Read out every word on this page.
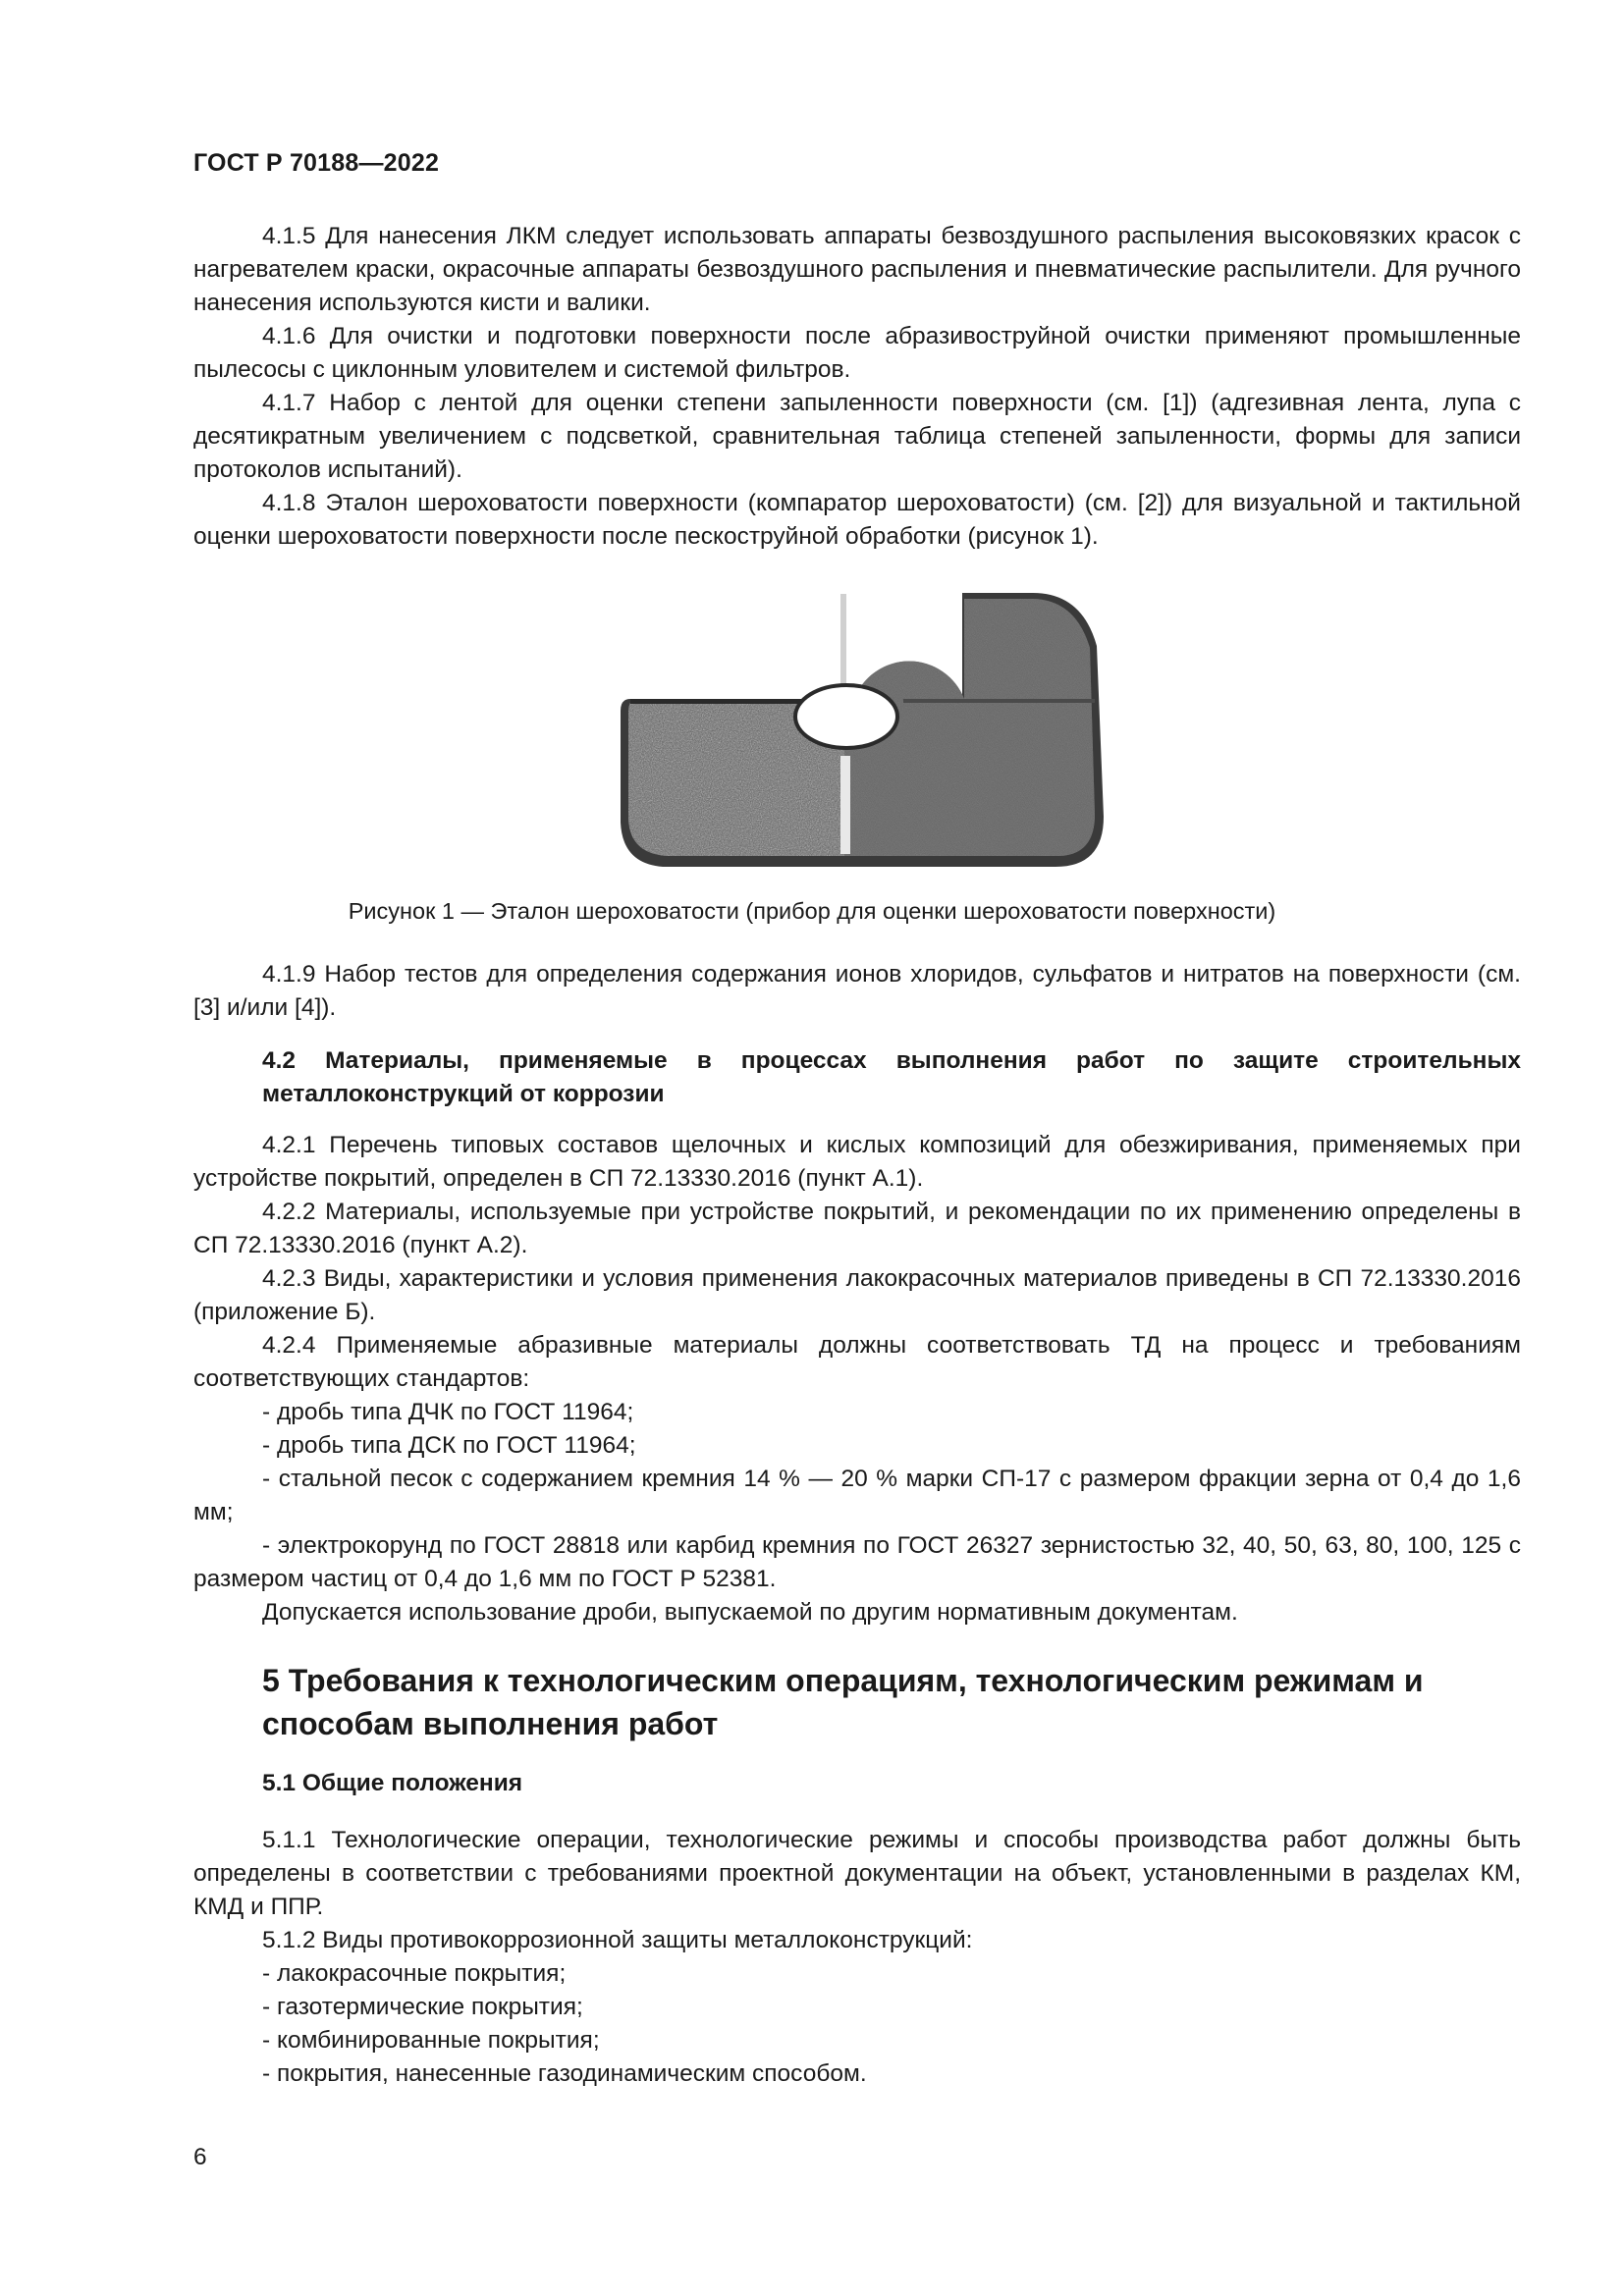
ГОСТ Р 70188—2022

4.1.5 Для нанесения ЛКМ следует использовать аппараты безвоздушного распыления высоковязких красок с нагревателем краски, окрасочные аппараты безвоздушного распыления и пневматические распылители. Для ручного нанесения используются кисти и валики.

4.1.6 Для очистки и подготовки поверхности после абразивоструйной очистки применяют промышленные пылесосы с циклонным уловителем и системой фильтров.

4.1.7 Набор с лентой для оценки степени запыленности поверхности (см. [1]) (адгезивная лента, лупа с десятикратным увеличением с подсветкой, сравнительная таблица степеней запыленности, формы для записи протоколов испытаний).

4.1.8 Эталон шероховатости поверхности (компаратор шероховатости) (см. [2]) для визуальной и тактильной оценки шероховатости поверхности после пескоструйной обработки (рисунок 1).

Рисунок 1 — Эталон шероховатости (прибор для оценки шероховатости поверхности)

4.1.9 Набор тестов для определения содержания ионов хлоридов, сульфатов и нитратов на поверхности (см. [3] и/или [4]).

4.2 Материалы, применяемые в процессах выполнения работ по защите строительных металлоконструкций от коррозии

4.2.1 Перечень типовых составов щелочных и кислых композиций для обезжиривания, применяемых при устройстве покрытий, определен в СП 72.13330.2016 (пункт А.1).

4.2.2 Материалы, используемые при устройстве покрытий, и рекомендации по их применению определены в СП 72.13330.2016 (пункт А.2).

4.2.3 Виды, характеристики и условия применения лакокрасочных материалов приведены в СП 72.13330.2016 (приложение Б).

4.2.4 Применяемые абразивные материалы должны соответствовать ТД на процесс и требованиям соответствующих стандартов:

- дробь типа ДЧК по ГОСТ 11964;

- дробь типа ДСК по ГОСТ 11964;

- стальной песок с содержанием кремния 14 % — 20 % марки СП-17 с размером фракции зерна от 0,4 до 1,6 мм;

- электрокорунд по ГОСТ 28818 или карбид кремния по ГОСТ 26327 зернистостью 32, 40, 50, 63, 80, 100, 125 с размером частиц от 0,4 до 1,6 мм по ГОСТ Р 52381.

Допускается использование дроби, выпускаемой по другим нормативным документам.

5 Требования к технологическим операциям, технологическим режимам и способам выполнения работ

5.1 Общие положения

5.1.1 Технологические операции, технологические режимы и способы производства работ должны быть определены в соответствии с требованиями проектной документации на объект, установленными в разделах КМ, КМД и ППР.

5.1.2 Виды противокоррозионной защиты металлоконструкций:

- лакокрасочные покрытия;

- газотермические покрытия;

- комбинированные покрытия;

- покрытия, нанесенные газодинамическим способом.

6
